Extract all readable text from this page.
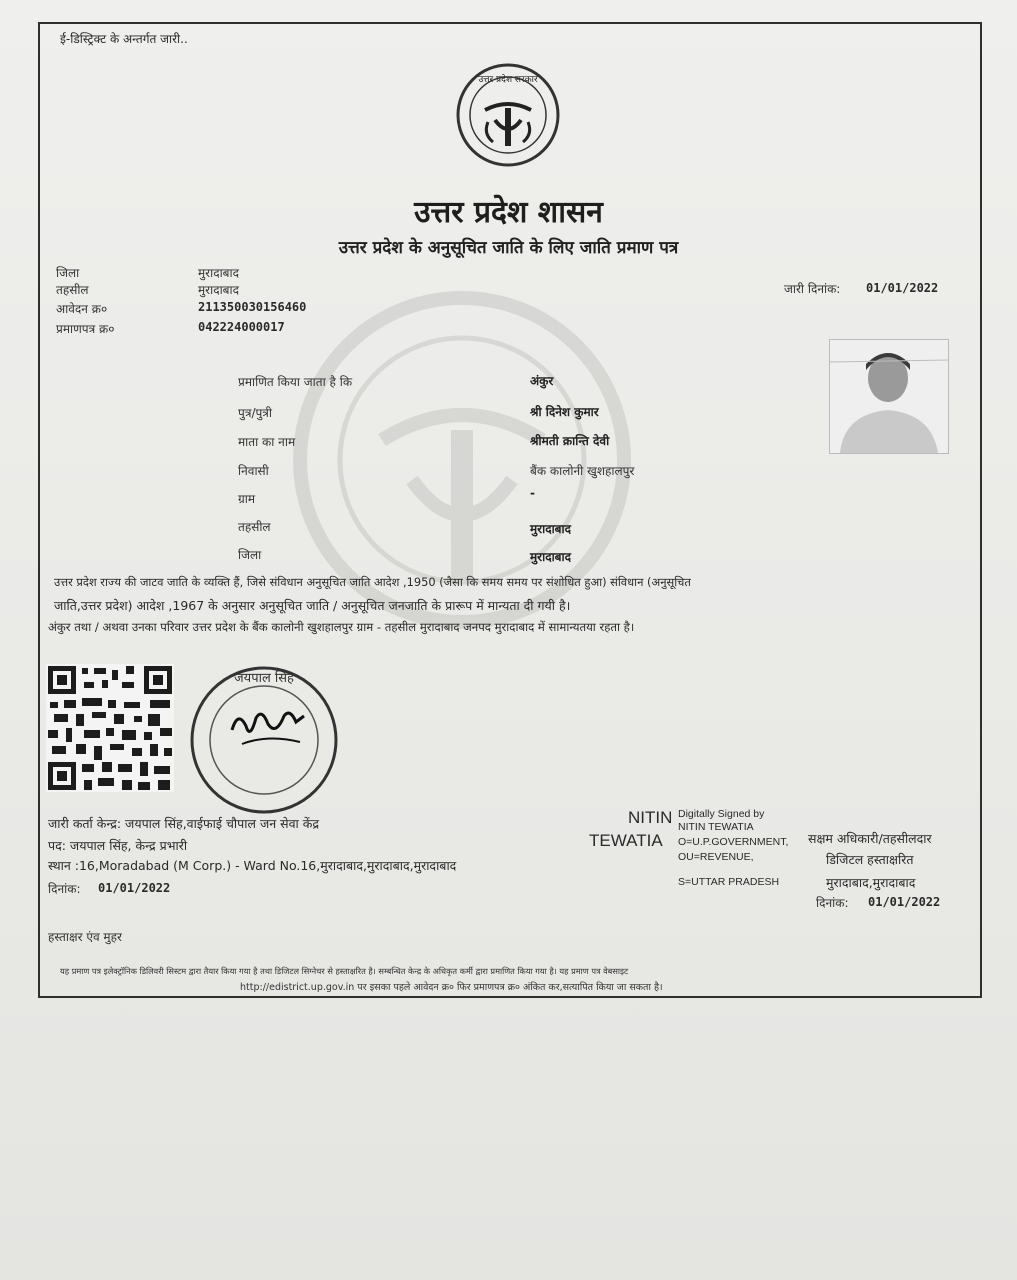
ई-डिस्ट्रिक्ट के अन्तर्गत जारी..
उत्तर प्रदेश सरकार
उत्तर प्रदेश शासन
उत्तर प्रदेश के अनुसूचित जाति के लिए जाति प्रमाण पत्र
जिला	मुरादाबाद
तहसील	मुरादाबाद
आवेदन क्र०	211350030156460
प्रमाणपत्र क्र०	042224000017
जारी दिनांक: 01/01/2022
प्रमाणित किया जाता है कि	अंकुर
पुत्र/पुत्री	श्री दिनेश कुमार
माता का नाम	श्रीमती क्रान्ति देवी
निवासी	बैंक कालोनी खुशहालपुर
ग्राम	-
तहसील	मुरादाबाद
जिला	मुरादाबाद
उत्तर प्रदेश राज्य की जाटव जाति के व्यक्ति हैं, जिसे संविधान अनुसूचित जाति आदेश ,1950 (जैसा कि समय समय पर संशोधित हुआ) संविधान (अनुसूचित
जाति,उत्तर प्रदेश) आदेश ,1967 के अनुसार अनुसूचित जाति / अनुसूचित जनजाति के प्रारूप में मान्यता दी गयी है।
अंकुर तथा / अथवा उनका परिवार उत्तर प्रदेश के बैंक कालोनी खुशहालपुर ग्राम - तहसील मुरादाबाद जनपद मुरादाबाद में सामान्यतया रहता है।
जयपाल सिंह
जारी कर्ता केन्द्र: जयपाल सिंह,वाईफाई चौपाल जन सेवा केंद्र
पद: जयपाल सिंह, केन्द्र प्रभारी
स्थान :16,Moradabad (M Corp.) - Ward No.16,मुरादाबाद,मुरादाबाद,मुरादाबाद
दिनांक: 01/01/2022
हस्ताक्षर एंव मुहर
NITIN
TEWATIA
Digitally Signed by
NITIN TEWATIA
O=U.P.GOVERNMENT,
OU=REVENUE,
S=UTTAR PRADESH
सक्षम अधिकारी/तहसीलदार
डिजिटल हस्ताक्षरित
मुरादाबाद,मुरादाबाद
दिनांक: 01/01/2022
यह प्रमाण पत्र इलेक्ट्रॉनिक डिलिवरी सिस्टम द्वारा तैयार किया गया है तथा डिजिटल सिग्नेचर से हस्ताक्षरित है। सम्बन्धित केन्द्र के अधिकृत कर्मी द्वारा प्रमाणित किया गया है। यह प्रमाण पत्र वेबसाइट
http://edistrict.up.gov.in पर इसका पहले आवेदन क्र० फिर प्रमाणपत्र क्र० अंकित कर,सत्यापित किया जा सकता है।
